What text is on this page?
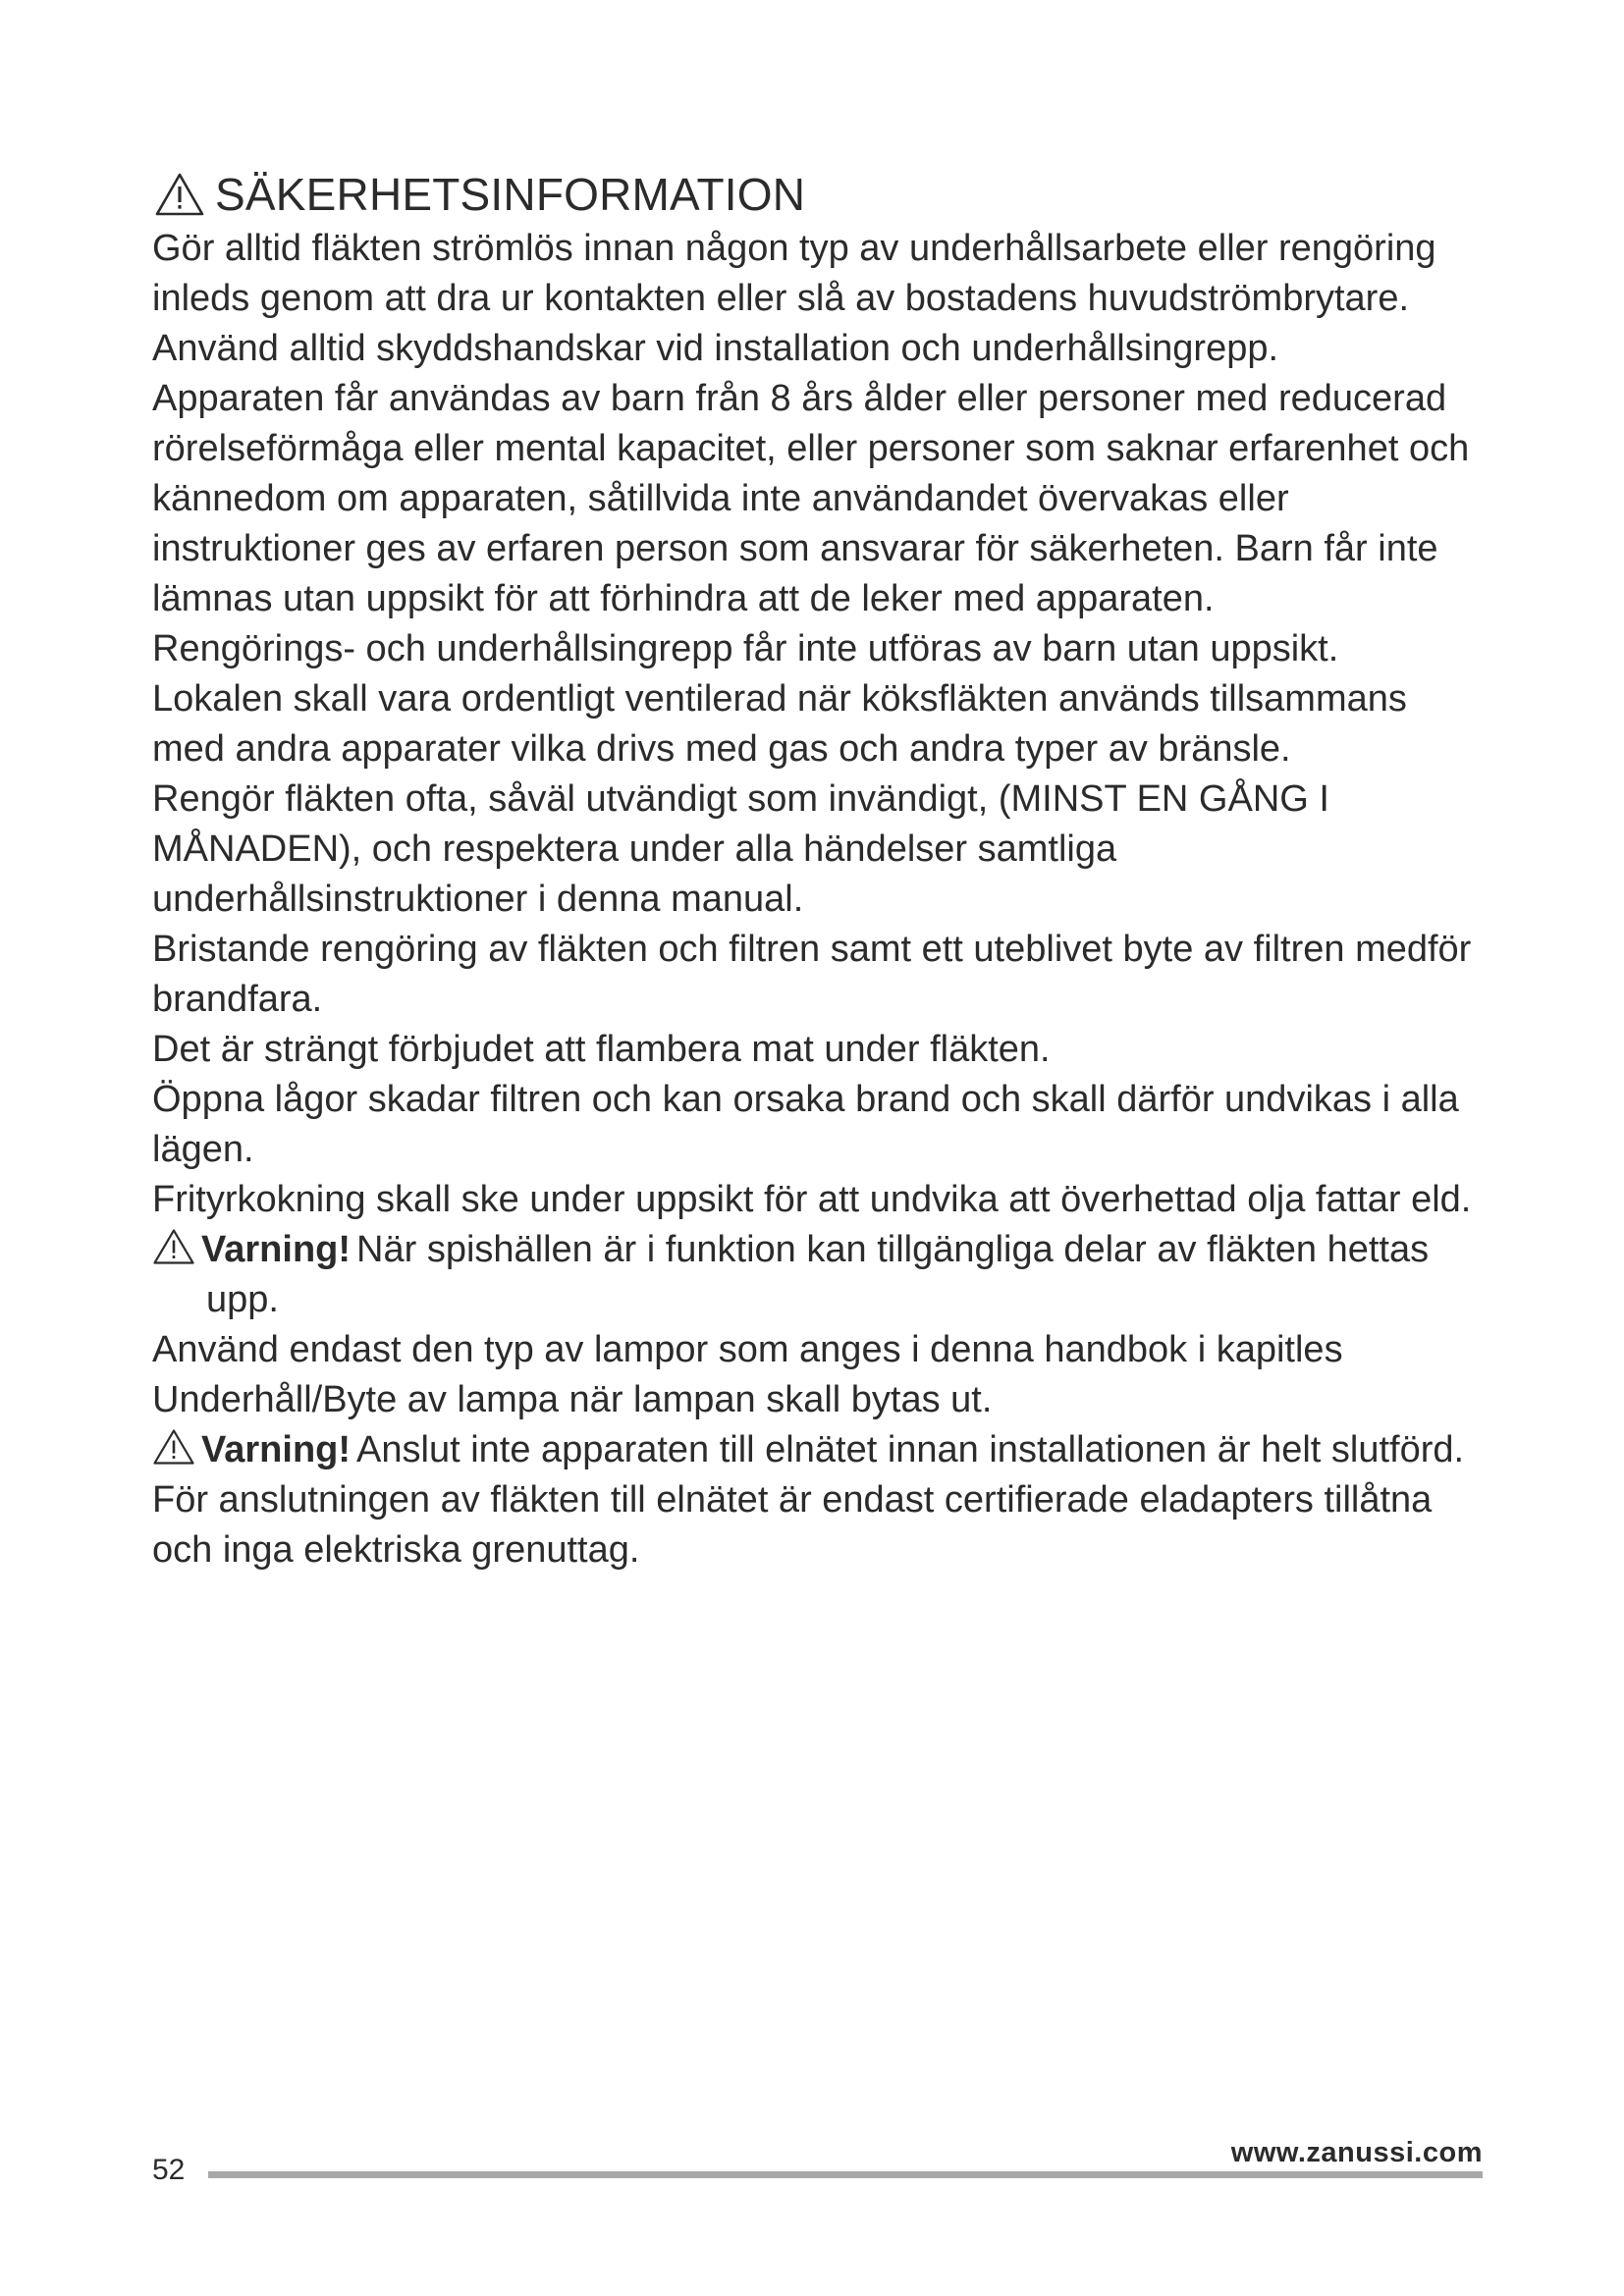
SÄKERHETSINFORMATION

Gör alltid fläkten strömlös innan någon typ av underhållsarbete eller rengöring inleds genom att dra ur kontakten eller slå av bostadens huvudströmbrytare.

Använd alltid skyddshandskar vid installation och underhållsingrepp.

Apparaten får användas av barn från 8 års ålder eller personer med reducerad rörelseförmåga eller mental kapacitet, eller personer som saknar erfarenhet och kännedom om apparaten, såtillvida inte användandet övervakas eller instruktioner ges av erfaren person som ansvarar för säkerheten. Barn får inte lämnas utan uppsikt för att förhindra att de leker med apparaten.

Rengörings- och underhållsingrepp får inte utföras av barn utan uppsikt.

Lokalen skall vara ordentligt ventilerad när köksfläkten används tillsammans med andra apparater vilka drivs med gas och andra typer av bränsle.

Rengör fläkten ofta, såväl utvändigt som invändigt, (MINST EN GÅNG I MÅNADEN), och respektera under alla händelser samtliga underhållsinstruktioner i denna manual.

Bristande rengöring av fläkten och filtren samt ett uteblivet byte av filtren medför brandfara.

Det är strängt förbjudet att flambera mat under fläkten.

Öppna lågor skadar filtren och kan orsaka brand och skall därför undvikas i alla lägen.

Frityrkokning skall ske under uppsikt för att undvika att överhettad olja fattar eld.

Varning! När spishällen är i funktion kan tillgängliga delar av fläkten hettas upp.

Använd endast den typ av lampor som anges i denna handbok i kapitles Underhåll/Byte av lampa när lampan skall bytas ut.

Varning! Anslut inte apparaten till elnätet innan installationen är helt slutförd.

För anslutningen av fläkten till elnätet är endast certifierade eladapters tillåtna och inga elektriska grenuttag.

52
www.zanussi.com
